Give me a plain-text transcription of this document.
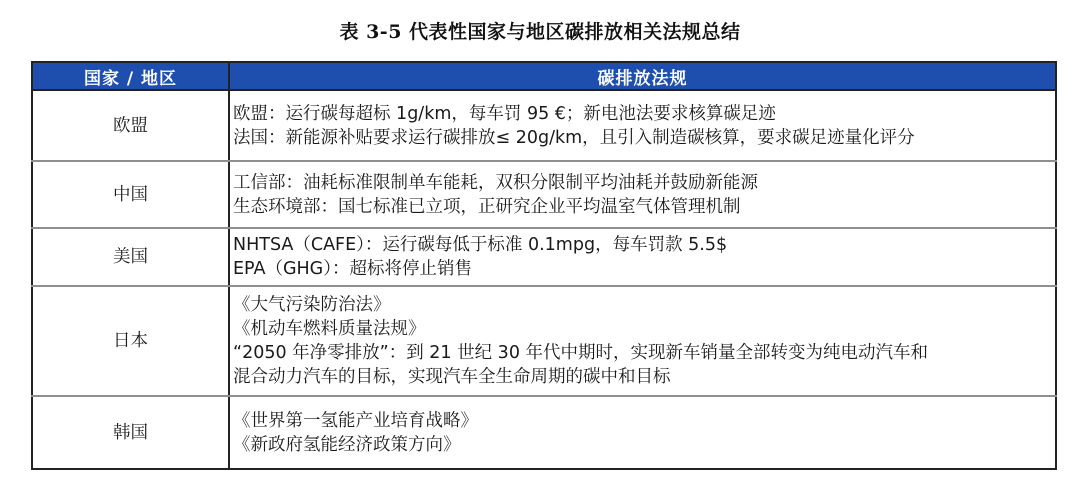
表 3-5 代表性国家与地区碳排放相关法规总结
国家 / 地区	碳排放法规
欧盟	欧盟：运行碳每超标 1g/km，每车罚 95 €；新电池法要求核算碳足迹
法国：新能源补贴要求运行碳排放≤ 20g/km，且引入制造碳核算，要求碳足迹量化评分

中国	工信部：油耗标准限制单车能耗，双积分限制平均油耗并鼓励新能源
生态环境部：国七标准已立项，正研究企业平均温室气体管理机制

美国	NHTSA（CAFE）：运行碳每低于标准 0.1mpg，每车罚款 5.5$
EPA（GHG）：超标将停止销售

日本	《大气污染防治法》
《机动车燃料质量法规》
“2050 年净零排放”：到 21 世纪 30 年代中期时，实现新车销量全部转变为纯电动汽车和
混合动力汽车的目标，实现汽车全生命周期的碳中和目标

韩国	《世界第一氢能产业培育战略》
《新政府氢能经济政策方向》
